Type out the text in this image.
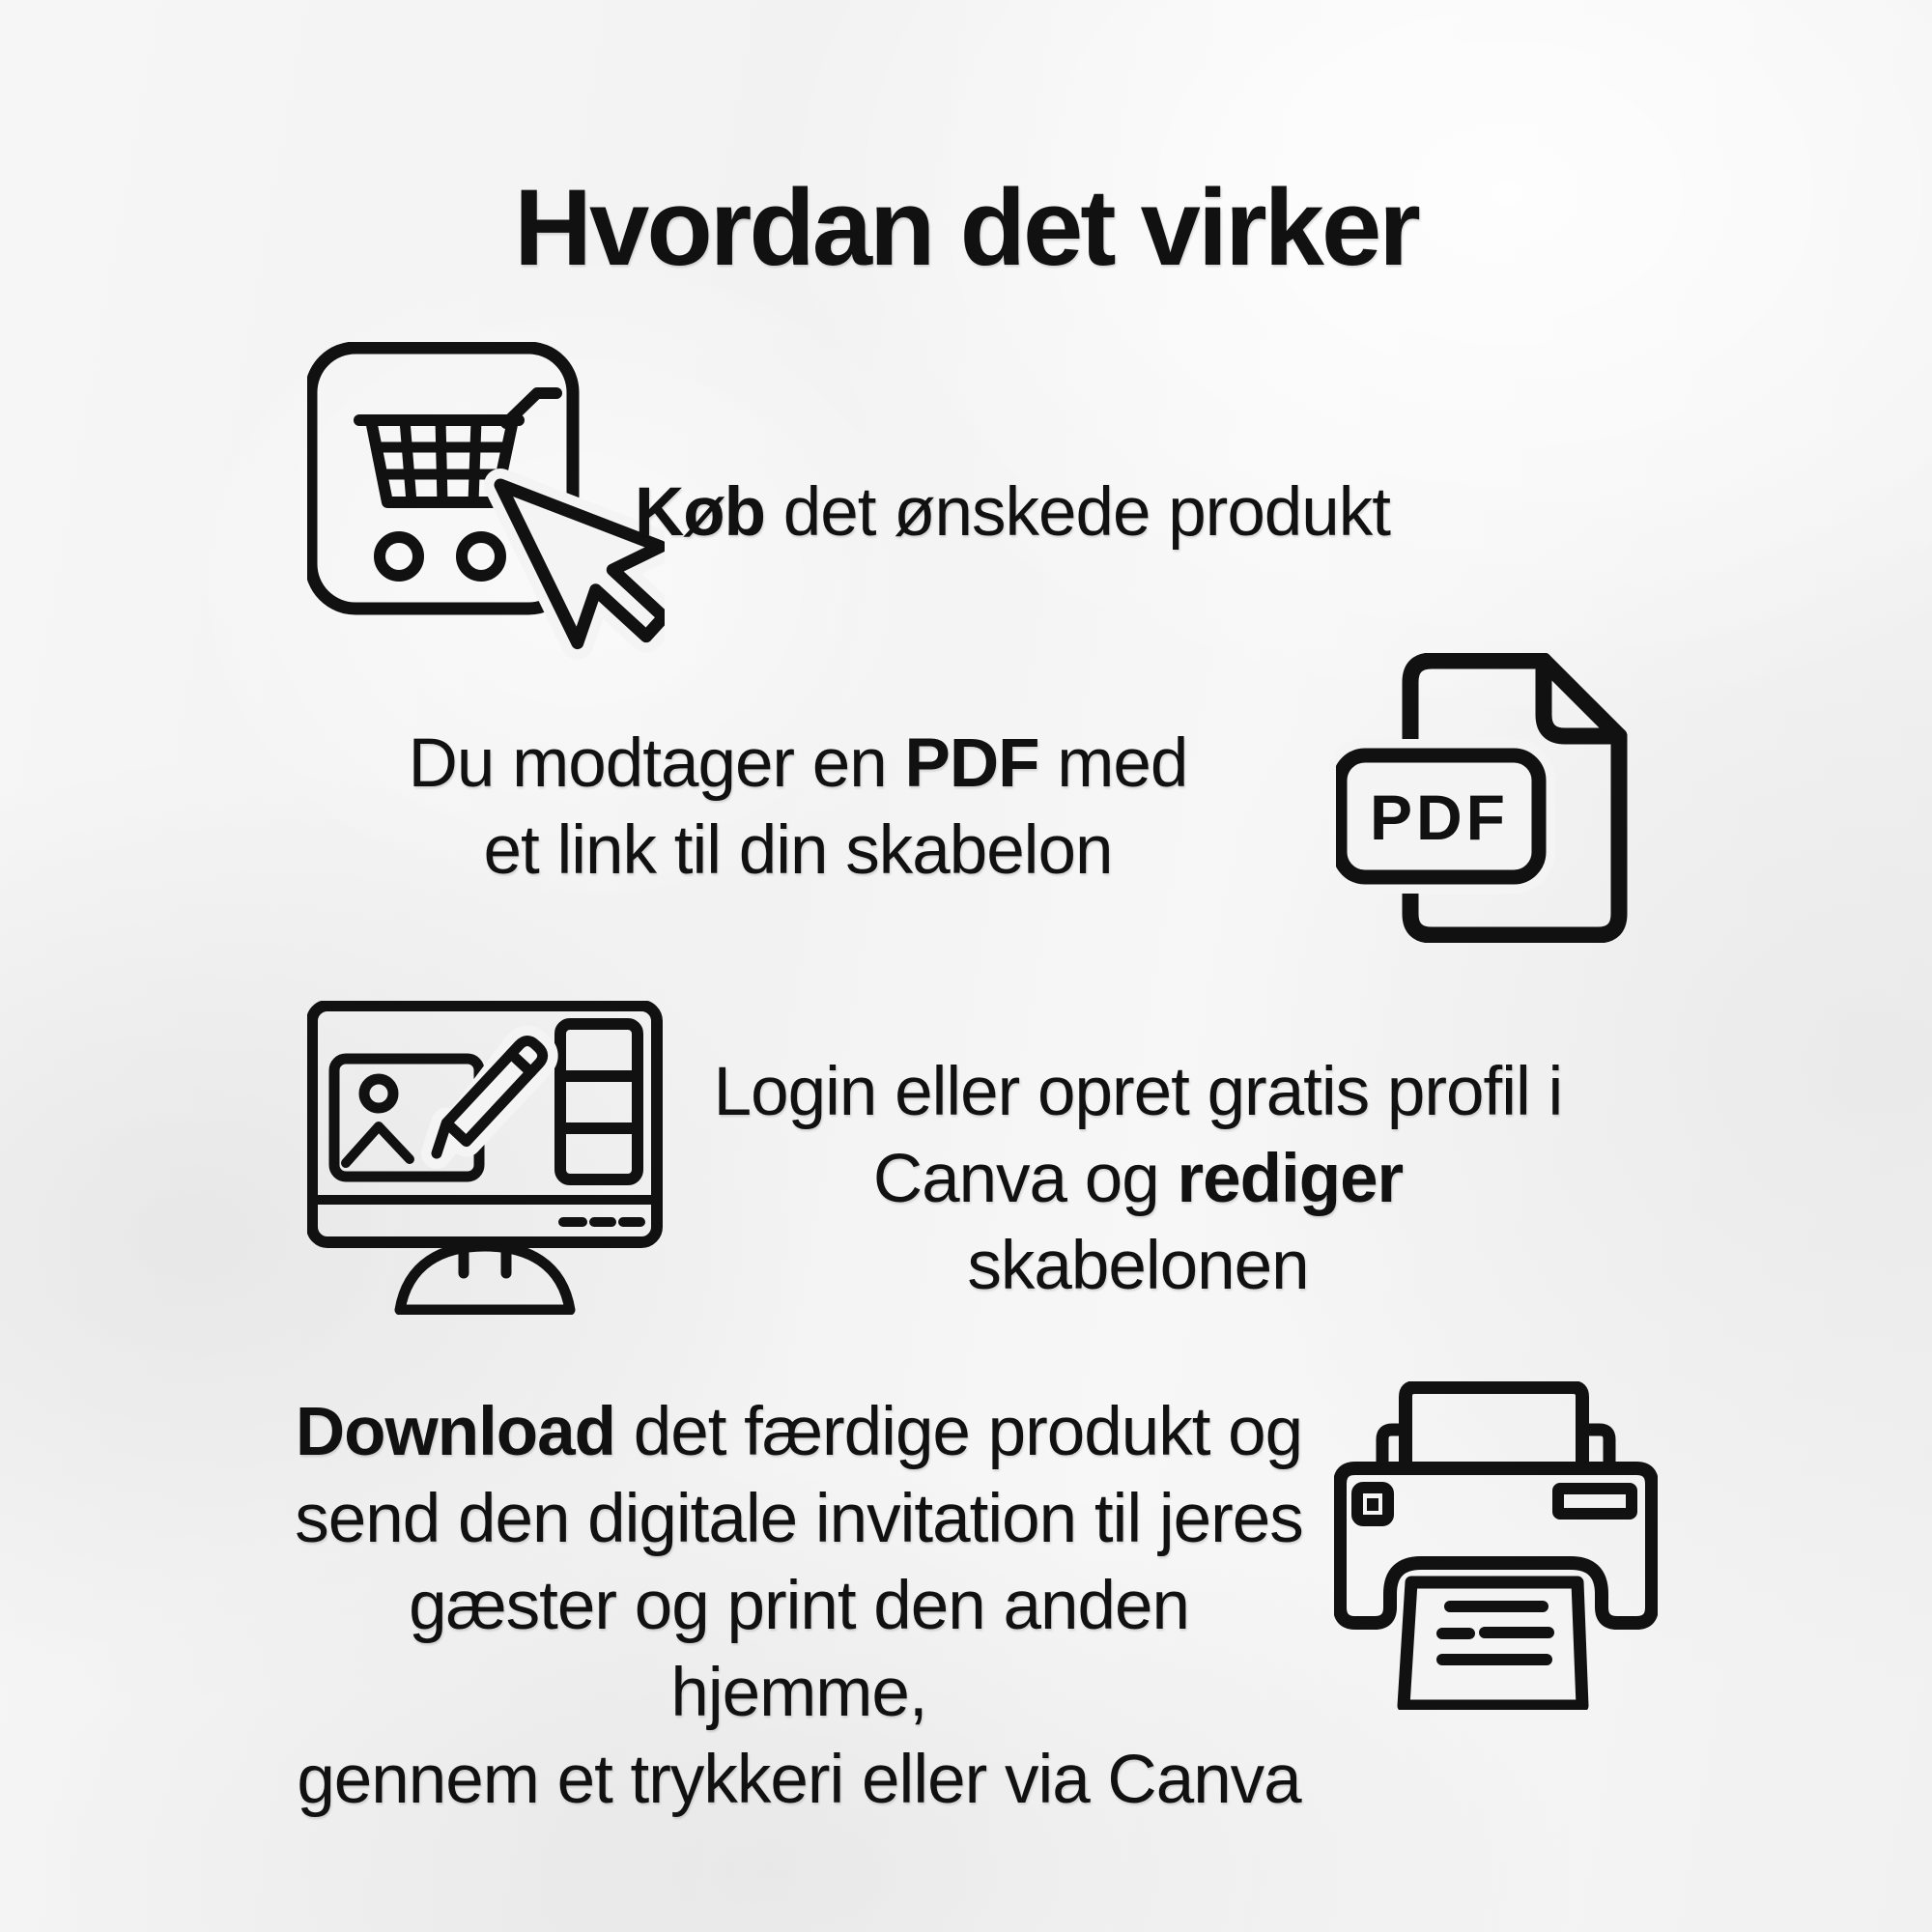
Hvordan det virker
Køb det ønskede produkt
Du modtager en PDF med
et link til din skabelon	PDF
Login eller opret gratis profil i
Canva og rediger skabelonen
Download det færdige produkt og
send den digitale invitation til jeres
gæster og print den anden hjemme,
gennem et trykkeri eller via Canva
